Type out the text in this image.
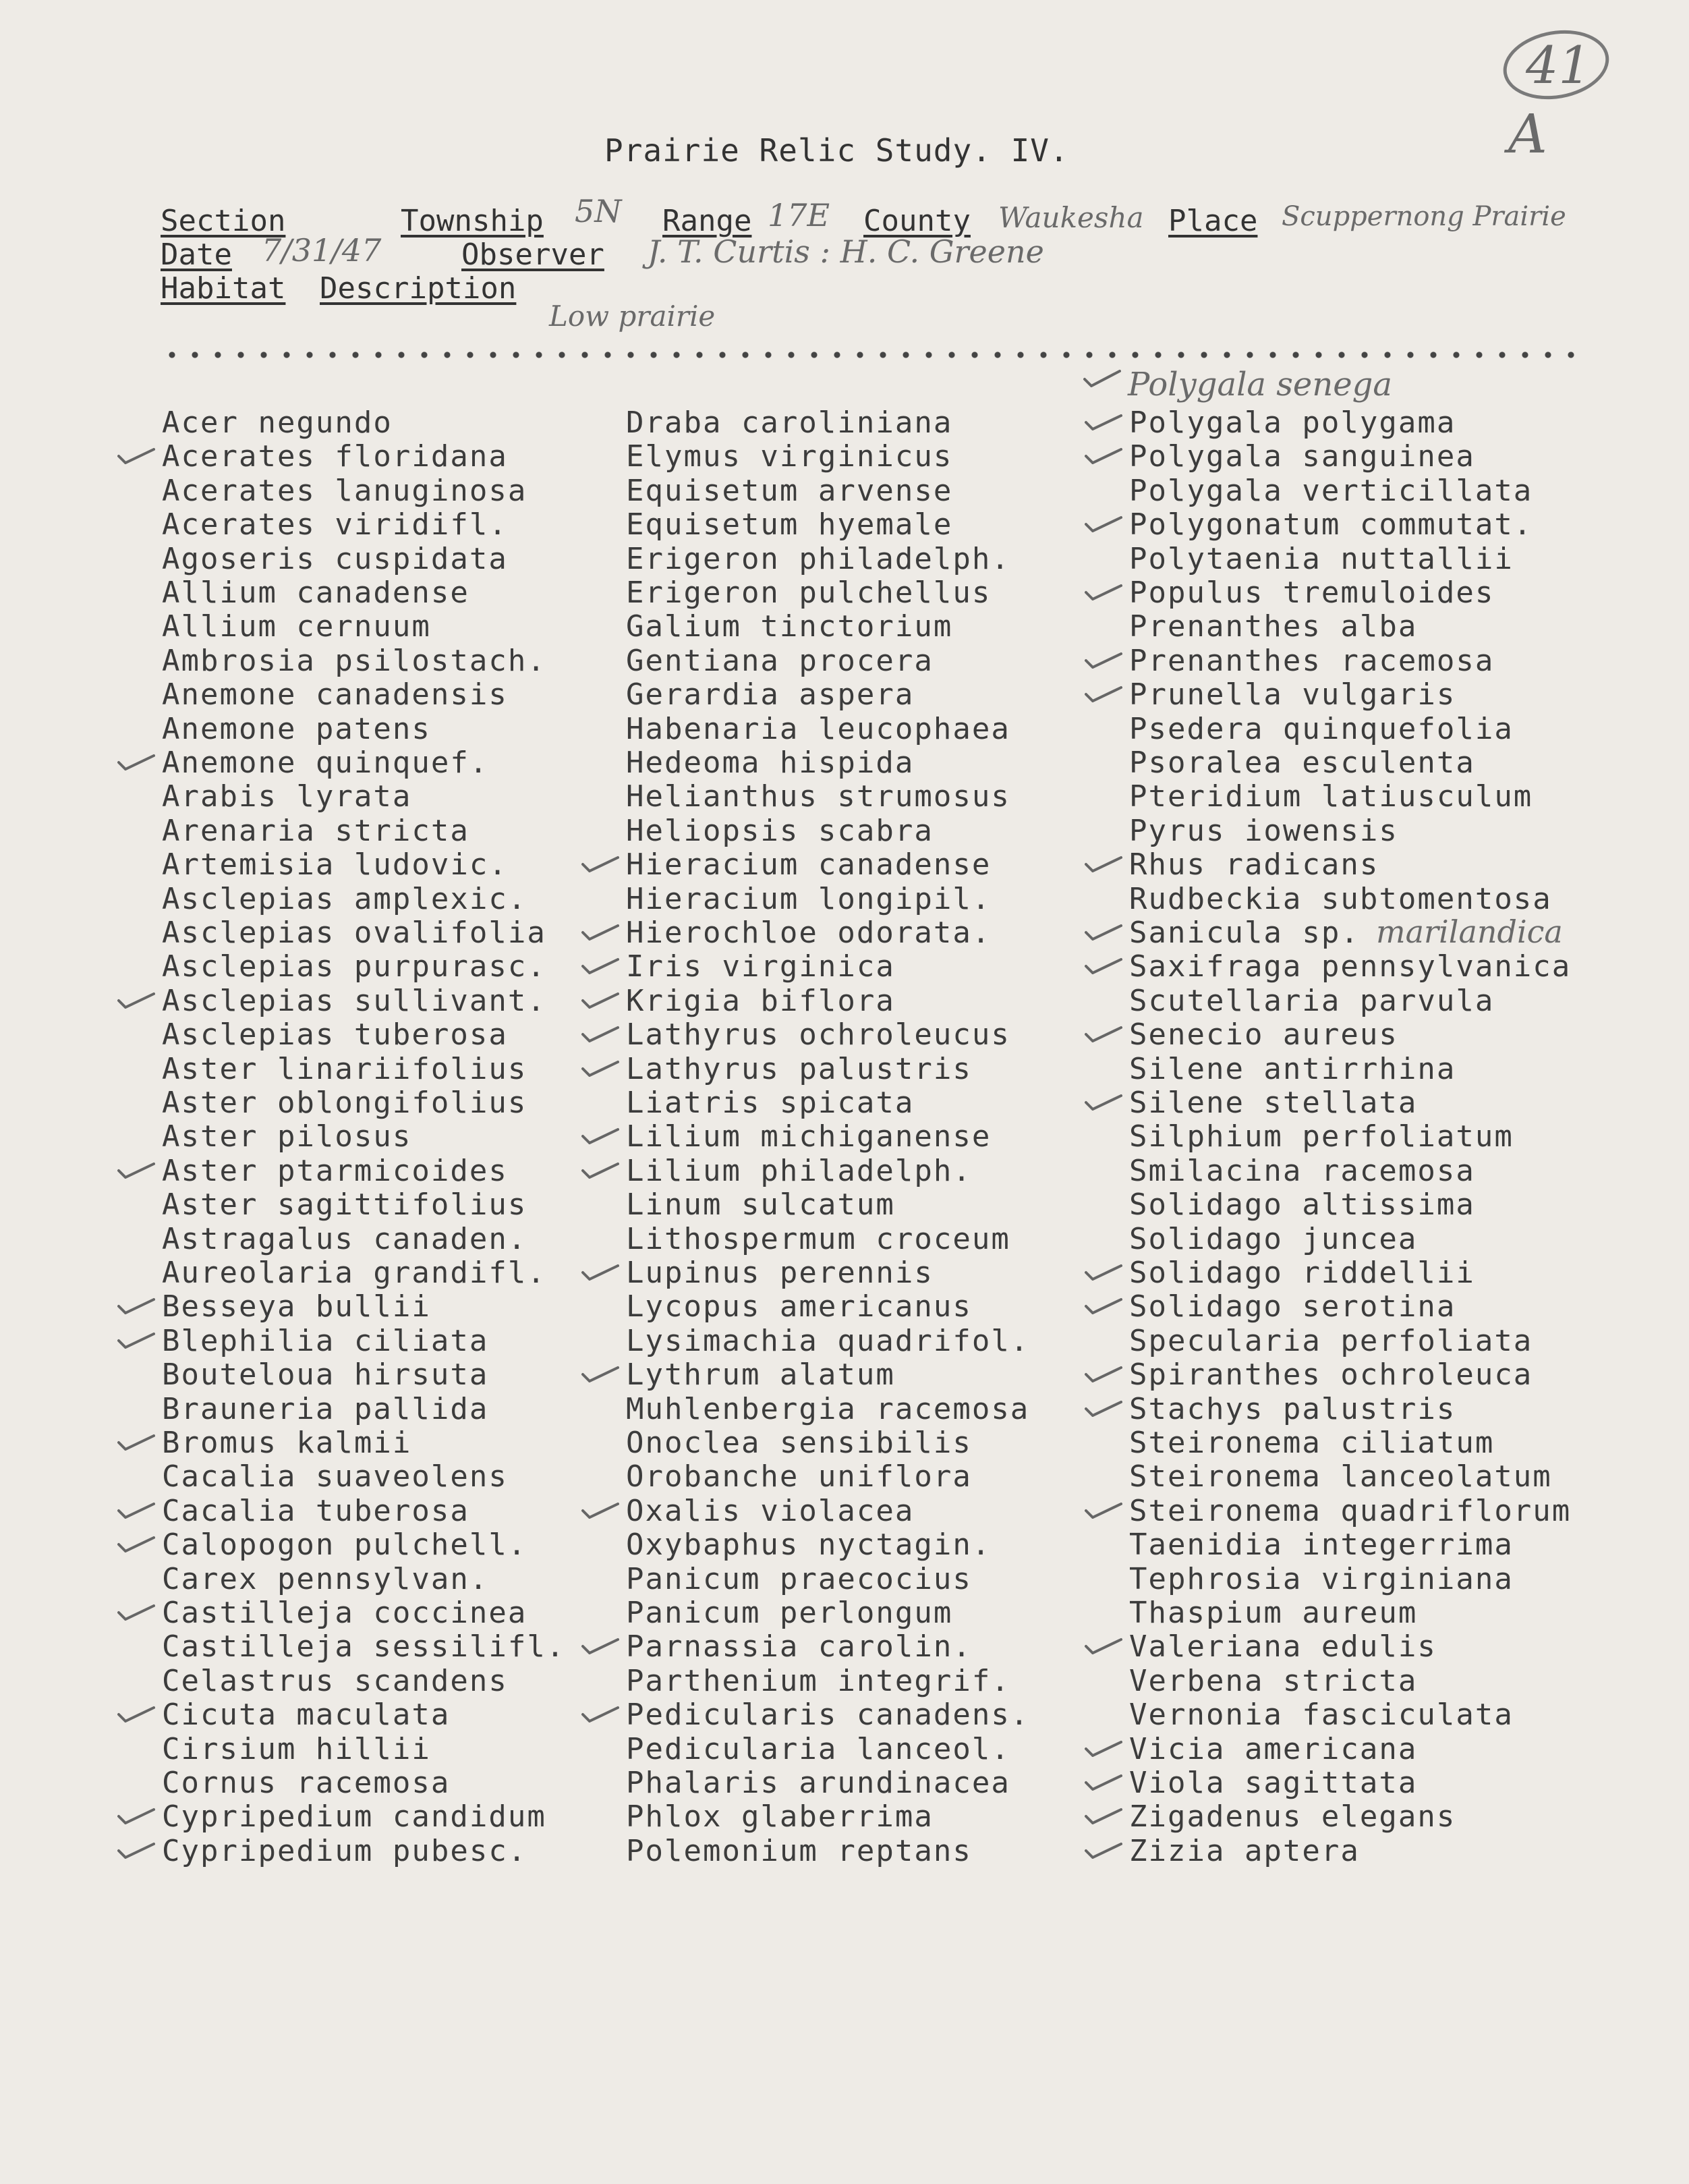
41
A
Prairie Relic Study. IV.
Section	Township 5N Range 17E County Waukesha Place Scuppernong Prairie
Date 7/31/47	Observer J. T. Curtis : H. C. Greene
Habitat Description
Low prairie
Polygala senega
marilandica
Acer negundo
Acerates floridana
Acerates lanuginosa
Acerates viridifl.
Agoseris cuspidata
Allium canadense
Allium cernuum
Ambrosia psilostach.
Anemone canadensis
Anemone patens
Anemone quinquef.
Arabis lyrata
Arenaria stricta
Artemisia ludovic.
Asclepias amplexic.
Asclepias ovalifolia
Asclepias purpurasc.
Asclepias sullivant.
Asclepias tuberosa
Aster linariifolius
Aster oblongifolius
Aster pilosus
Aster ptarmicoides
Aster sagittifolius
Astragalus canaden.
Aureolaria grandifl.
Besseya bullii
Blephilia ciliata
Bouteloua hirsuta
Brauneria pallida
Bromus kalmii
Cacalia suaveolens
Cacalia tuberosa
Calopogon pulchell.
Carex pennsylvan.
Castilleja coccinea
Castilleja sessilifl.
Celastrus scandens
Cicuta maculata
Cirsium hillii
Cornus racemosa
Cypripedium candidum
Cypripedium pubesc.
Draba caroliniana
Elymus virginicus
Equisetum arvense
Equisetum hyemale
Erigeron philadelph.
Erigeron pulchellus
Galium tinctorium
Gentiana procera
Gerardia aspera
Habenaria leucophaea
Hedeoma hispida
Helianthus strumosus
Heliopsis scabra
Hieracium canadense
Hieracium longipil.
Hierochloe odorata.
Iris virginica
Krigia biflora
Lathyrus ochroleucus
Lathyrus palustris
Liatris spicata
Lilium michiganense
Lilium philadelph.
Linum sulcatum
Lithospermum croceum
Lupinus perennis
Lycopus americanus
Lysimachia quadrifol.
Lythrum alatum
Muhlenbergia racemosa
Onoclea sensibilis
Orobanche uniflora
Oxalis violacea
Oxybaphus nyctagin.
Panicum praecocius
Panicum perlongum
Parnassia carolin.
Parthenium integrif.
Pedicularis canadens.
Pedicularia lanceol.
Phalaris arundinacea
Phlox glaberrima
Polemonium reptans
Polygala polygama
Polygala sanguinea
Polygala verticillata
Polygonatum commutat.
Polytaenia nuttallii
Populus tremuloides
Prenanthes alba
Prenanthes racemosa
Prunella vulgaris
Psedera quinquefolia
Psoralea esculenta
Pteridium latiusculum
Pyrus iowensis
Rhus radicans
Rudbeckia subtomentosa
Sanicula sp.
Saxifraga pennsylvanica
Scutellaria parvula
Senecio aureus
Silene antirrhina
Silene stellata
Silphium perfoliatum
Smilacina racemosa
Solidago altissima
Solidago juncea
Solidago riddellii
Solidago serotina
Specularia perfoliata
Spiranthes ochroleuca
Stachys palustris
Steironema ciliatum
Steironema lanceolatum
Steironema quadriflorum
Taenidia integerrima
Tephrosia virginiana
Thaspium aureum
Valeriana edulis
Verbena stricta
Vernonia fasciculata
Vicia americana
Viola sagittata
Zigadenus elegans
Zizia aptera
